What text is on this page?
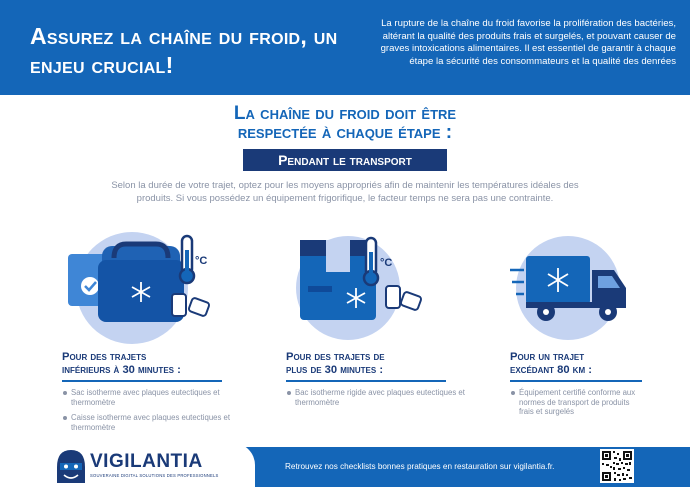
Assurez la chaîne du froid, un enjeu crucial!
La rupture de la chaîne du froid favorise la prolifération des bactéries, altérant la qualité des produits frais et surgelés, et pouvant causer de graves intoxications alimentaires. Il est essentiel de garantir à chaque étape la sécurité des consommateurs et la qualité des denrées
La chaîne du froid doit être
respectée à chaque étape :
Pendant le transport
Selon la durée de votre trajet, optez pour les moyens appropriés afin de maintenir les températures idéales des produits. Si vous possédez un équipement frigorifique, le facteur temps ne sera pas une contrainte.
°C
Pour des trajets
inférieurs à 30 minutes :
Sac isotherme avec plaques eutectiques et thermomètre
Caisse isotherme avec plaques eutectiques et thermomètre
°C
Pour des trajets de
plus de 30 minutes :
Bac isotherme rigide avec plaques eutectiques et thermomètre
Pour un trajet
excédant 80 km :
Équipement certifié conforme aux normes de transport de produits frais et surgelés
VIGILANTIA
SOUVERAINE DIGITAL SOLUTIONS DES PROFESSIONNELS
Retrouvez nos checklists bonnes pratiques en restauration sur vigilantia.fr.
